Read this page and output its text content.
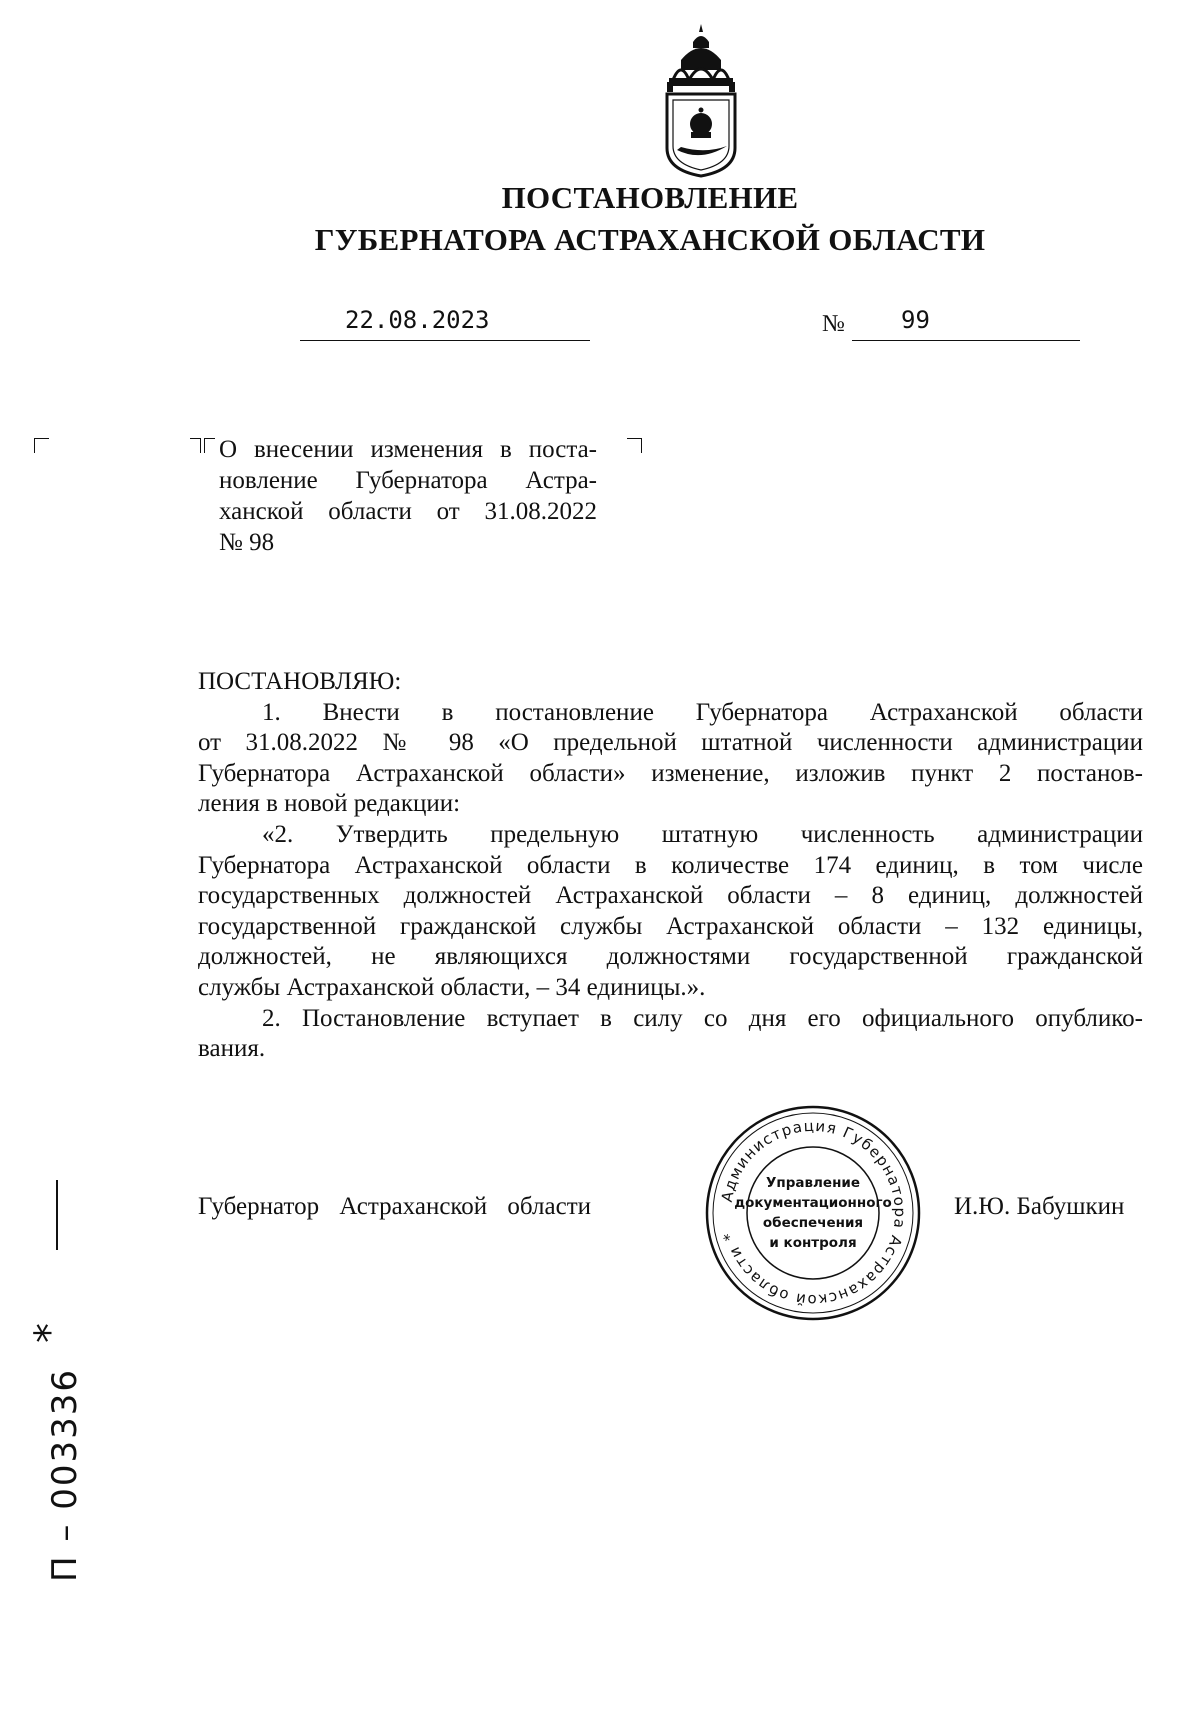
ПОСТАНОВЛЕНИЕ
ГУБЕРНАТОРА АСТРАХАНСКОЙ ОБЛАСТИ
22.08.2023	№ 99
О внесении изменения в поста-
новление Губернатора Астра-
ханской области от 31.08.2022
№ 98
ПОСТАНОВЛЯЮ:
1. Внести в постановление Губернатора Астраханской области
от 31.08.2022 № 98 «О предельной штатной численности администрации
Губернатора Астраханской области» изменение, изложив пункт 2 постанов-
ления в новой редакции:
«2. Утвердить предельную штатную численность администрации
Губернатора Астраханской области в количестве 174 единиц, в том числе
государственных должностей Астраханской области – 8 единиц, должностей
государственной гражданской службы Астраханской области – 132 единицы,
должностей, не являющихся должностями государственной гражданской
службы Астраханской области, – 34 единицы.».
2. Постановление вступает в силу со дня его официального опублико-
вания.
Губернатор Астраханской области	И.Ю. Бабушкин
Администрация Губернатора Астраханской области *
Управление
документационного
обеспечения
и контроля
П – 003336
*
